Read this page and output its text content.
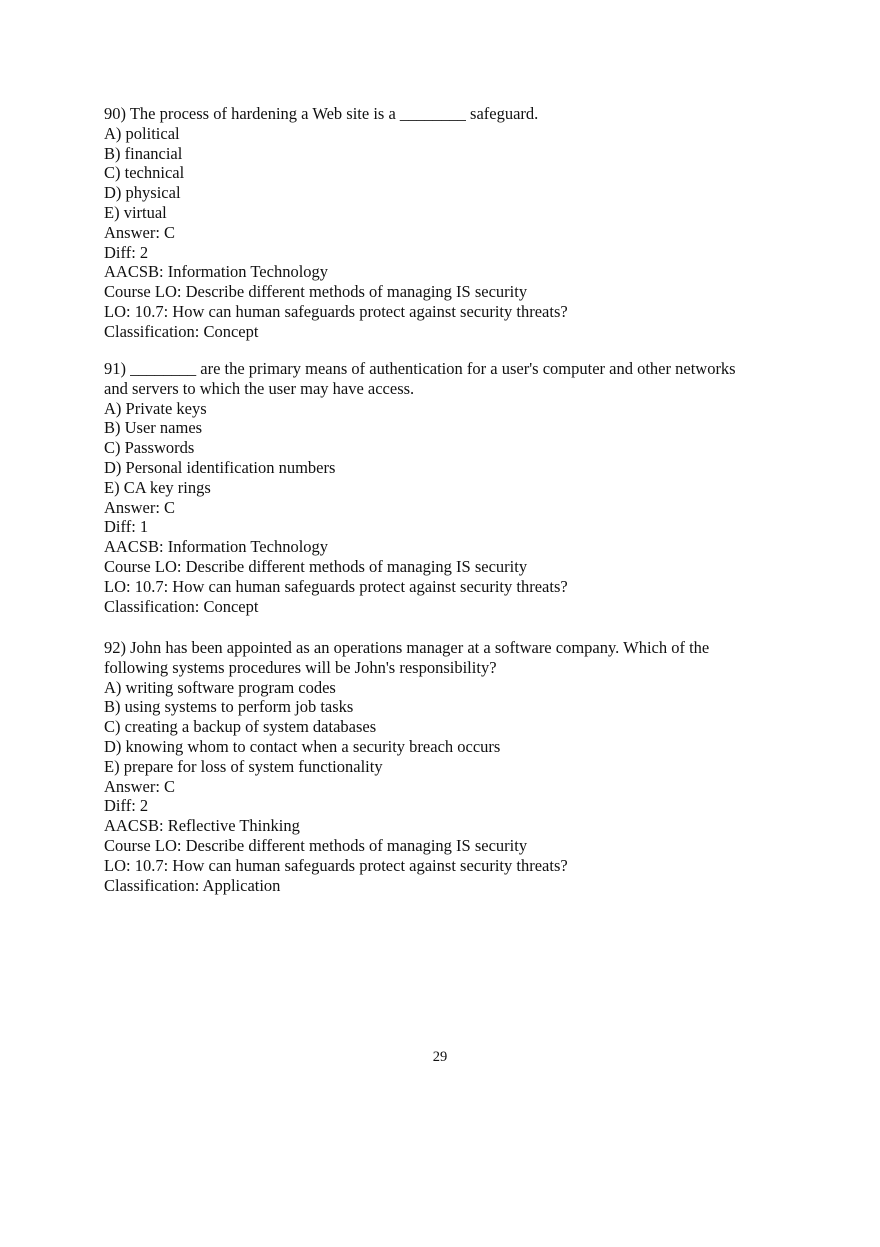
90) The process of hardening a Web site is a ________ safeguard.
A) political
B) financial
C) technical
D) physical
E) virtual
Answer: C
Diff: 2
AACSB: Information Technology
Course LO: Describe different methods of managing IS security
LO: 10.7: How can human safeguards protect against security threats?
Classification: Concept
91) ________ are the primary means of authentication for a user's computer and other networks
and servers to which the user may have access.
A) Private keys
B) User names
C) Passwords
D) Personal identification numbers
E) CA key rings
Answer: C
Diff: 1
AACSB: Information Technology
Course LO: Describe different methods of managing IS security
LO: 10.7: How can human safeguards protect against security threats?
Classification: Concept
92) John has been appointed as an operations manager at a software company. Which of the
following systems procedures will be John's responsibility?
A) writing software program codes
B) using systems to perform job tasks
C) creating a backup of system databases
D) knowing whom to contact when a security breach occurs
E) prepare for loss of system functionality
Answer: C
Diff: 2
AACSB: Reflective Thinking
Course LO: Describe different methods of managing IS security
LO: 10.7: How can human safeguards protect against security threats?
Classification: Application
29
